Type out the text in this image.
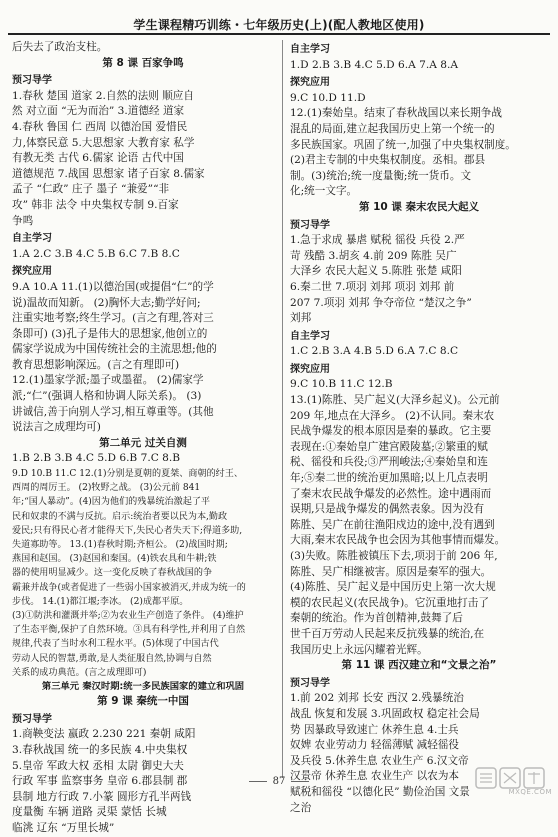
学生课程精巧训练・七年级历史(上)(配人教地区使用)
后失去了政治支柱。
第 8 课 百家争鸣
预习导学
1.春秋 楚国 道家 2.自然的法则 顺应自
然 对立面 “无为而治” 3.道德经 道家
4.春秋 鲁国 仁 西周 以德治国 爱惜民
力,体察民意 5.大思想家 大教育家 私学
有教无类 古代 6.儒家 论语 古代中国
道德规范 7.战国 思想家 诸子百家 8.儒家
孟子 “仁政” 庄子 墨子 “兼爱”“非
攻” 韩非 法令 中央集权专制 9.百家
争鸣
自主学习
1.A 2.C 3.B 4.C 5.B 6.C 7.B 8.C
探究应用
9.A 10.A 11.(1)以德治国(或提倡“仁”的学
说)温故而知新。 (2)胸怀大志;勤学好问;
注重实地考察;终生学习。(言之有理,答对三
条即可) (3)孔子是伟大的思想家,他创立的
儒家学说成为中国传统社会的主流思想;他的
教育思想影响深远。(言之有理即可)
12.(1)墨家学派;墨子或墨翟。 (2)儒家学
派;“仁”(强调人格和协调人际关系)。 (3)
讲诚信,善于向别人学习,相互尊重等。(其他
说法言之成理均可)
第二单元 过关自测
1.B 2.B 3.B 4.C 5.D 6.B 7.C 8.B
9.D 10.B 11.C 12.(1)分别是夏朝的夏桀、商朝的纣王、
西周的周厉王。 (2)牧野之战。 (3)公元前 841
年;“国人暴动”。(4)因为他们的残暴统治激起了平
民和奴隶的不满与反抗。启示:统治者要以民为本,勤政
爱民;只有得民心者才能得天下,失民心者失天下;得道多助,
失道寡助等。 13.(1)春秋时期;齐桓公。 (2)战国时期;
燕国和赵国。 (3)赵国和秦国。(4)铁农具和牛耕;铁
器的使用明显减少。这一变化反映了春秋战国的争
霸兼并战争(或者促进了一些弱小国家被消灭,并成为统一的
步伐。 14.(1)都江堰;李冰。 (2)成都平原。
(3)①防洪和灌溉并举;②为农业生产创造了条件。 (4)维护
了生态平衡,保护了自然环境。③具有科学性,并利用了自然
规律,代表了当时水利工程水平。(5)体现了中国古代
劳动人民的智慧,勇敢,是人类征服自然,协调与自然
关系的成功典范。(言之成理即可)
第三单元 秦汉时期:统一多民族国家的建立和巩固
第 9 课 秦统一中国
预习导学
1.商鞅变法 嬴政 2.230 221 秦朝 咸阳
3.春秋战国 统一的多民族 4.中央集权
5.皇帝 军政大权 丞相 太尉 御史大夫
行政 军事 监察事务 皇帝 6.郡县制 郡
县制 地方行政 7.小篆 圆形方孔半两钱
度量衡 车辆 道路 灵渠 蒙恬 长城
临洮 辽东 “万里长城”
自主学习
1.D 2.B 3.B 4.C 5.D 6.A 7.A 8.A
探究应用
9.C 10.D 11.D
12.(1)秦始皇。结束了春秋战国以来长期争战
混乱的局面,建立起我国历史上第一个统一的
多民族国家。巩固了统一,加强了中央集权制度。
(2)君主专制的中央集权制度。丞相。郡县
制。(3)统治;统一度量衡;统一货币。文
化;统一文字。
第 10 课 秦末农民大起义
预习导学
1.急于求成 暴虐 赋税 徭役 兵役 2.严
苛 残酷 3.胡亥 4.前 209 陈胜 吴广
大泽乡 农民大起义 5.陈胜 张楚 咸阳
6.秦二世 7.项羽 刘邦 项羽 刘邦 前
207 7.项羽 刘邦 争夺帝位 “楚汉之争”
刘邦
自主学习
1.C 2.B 3.A 4.B 5.D 6.A 7.C 8.C
探究应用
9.C 10.B 11.C 12.B
13.(1)陈胜、吴广起义(大泽乡起义)。公元前
209 年,地点在大泽乡。 (2)不认同。秦末农
民战争爆发的根本原因是秦的暴政。它主要
表现在:①秦始皇广建宫殿陵墓;②繁重的赋
税、徭役和兵役;③严刑峻法;④秦始皇和连
年;⑤秦二世的统治更加黑暗;以上几点表明
了秦末农民战争爆发的必然性。途中遇雨而
误期,只是战争爆发的偶然表象。因为没有
陈胜、吴广在前往渔阳戍边的途中,没有遇到
大雨,秦末农民战争也会因为其他事情而爆发。
(3)失败。陈胜被镇压下去,项羽于前 206 年,
陈胜、吴广相继被害。原因是秦军的强大。
(4)陈胜、吴广起义是中国历史上第一次大规
模的农民起义(农民战争)。它沉重地打击了
秦朝的统治。作为首创精神,鼓舞了后
世千百万劳动人民起来反抗残暴的统治,在
我国历史上永远闪耀着光辉。
第 11 课 西汉建立和“文景之治”
预习导学
1.前 202 刘邦 长安 西汉 2.残暴统治
战乱 恢复和发展 3.巩固政权 稳定社会局
势 因暴政导致速亡 休养生息 4.士兵
奴婢 农业劳动力 轻徭薄赋 减轻徭役
及兵役 5.休养生息 农业生产 6.汉文帝
汉景帝 休养生息 农业生产 以农为本
赋税和徭役 “以德化民” 勤俭治国 文景
之治
87
MXQE.COM
